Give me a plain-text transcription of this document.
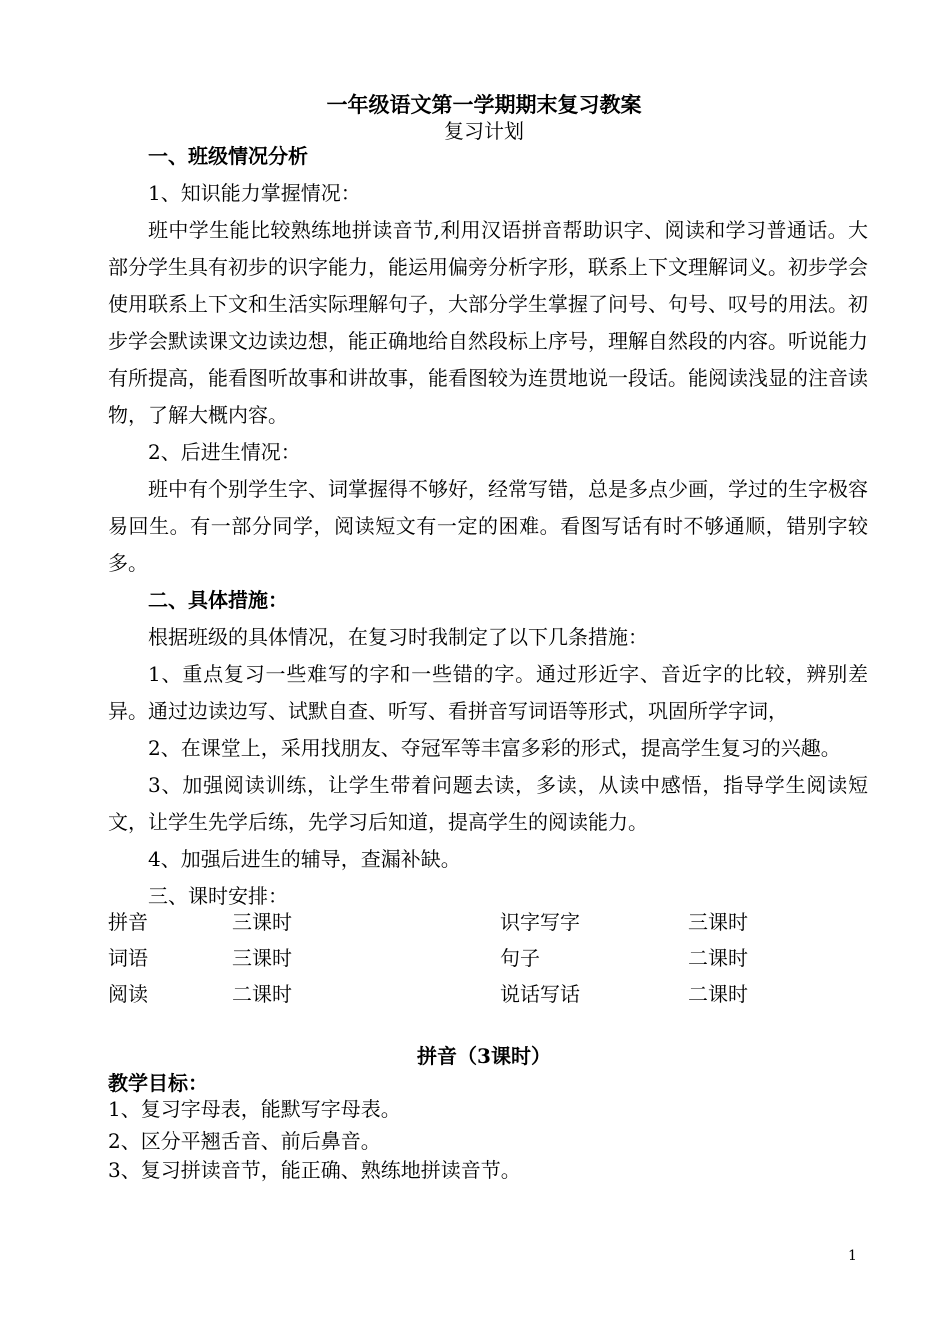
一年级语文第一学期期末复习教案
复习计划

一、班级情况分析

1、知识能力掌握情况：

班中学生能比较熟练地拼读音节,利用汉语拼音帮助识字、阅读和学习普通话。大部分学生具有初步的识字能力，能运用偏旁分析字形，联系上下文理解词义。初步学会使用联系上下文和生活实际理解句子，大部分学生掌握了问号、句号、叹号的用法。初步学会默读课文边读边想，能正确地给自然段标上序号，理解自然段的内容。听说能力有所提高，能看图听故事和讲故事，能看图较为连贯地说一段话。能阅读浅显的注音读物，了解大概内容。

2、后进生情况：

班中有个别学生字、词掌握得不够好，经常写错，总是多点少画，学过的生字极容易回生。有一部分同学，阅读短文有一定的困难。看图写话有时不够通顺，错别字较多。

二、具体措施：

根据班级的具体情况，在复习时我制定了以下几条措施：

1、重点复习一些难写的字和一些错的字。通过形近字、音近字的比较，辨别差异。通过边读边写、试默自查、听写、看拼音写词语等形式，巩固所学字词，

2、在课堂上，采用找朋友、夺冠军等丰富多彩的形式，提高学生复习的兴趣。

3、加强阅读训练，让学生带着问题去读，多读，从读中感悟，指导学生阅读短文，让学生先学后练，先学习后知道，提高学生的阅读能力。

4、加强后进生的辅导，查漏补缺。

三、课时安排：

拼音	三课时	识字写字	三课时
词语	三课时	句子	二课时
阅读	二课时	说话写话	二课时
拼音（3课时）

教学目标：

1、复习字母表，能默写字母表。

2、区分平翘舌音、前后鼻音。

3、复习拼读音节，能正确、熟练地拼读音节。

1
